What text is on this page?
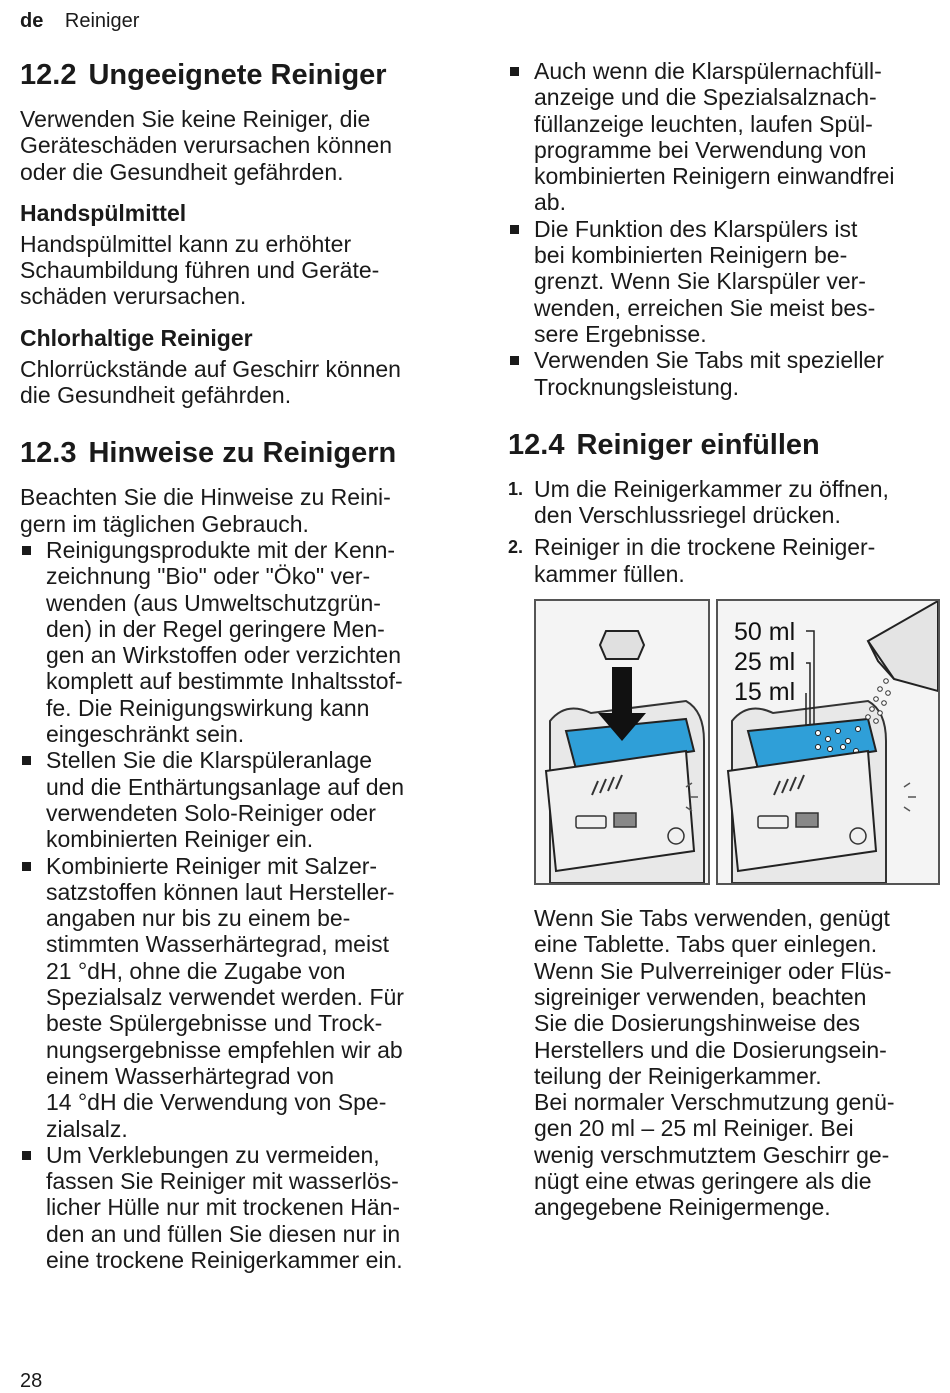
de Reiniger
12.2 Ungeeignete Reiniger

Verwenden Sie keine Reiniger, die
Geräteschäden verursachen können
oder die Gesundheit gefährden.

Handspülmittel

Handspülmittel kann zu erhöhter
Schaumbildung führen und Geräte-
schäden verursachen.

Chlorhaltige Reiniger

Chlorrückstände auf Geschirr können
die Gesundheit gefährden.

12.3 Hinweise zu Reinigern

Beachten Sie die Hinweise zu Reini-
gern im täglichen Gebrauch.

Reinigungsprodukte mit der Kenn-
zeichnung "Bio" oder "Öko" ver-
wenden (aus Umweltschutzgrün-
den) in der Regel geringere Men-
gen an Wirkstoffen oder verzichten
komplett auf bestimmte Inhaltsstof-
fe. Die Reinigungswirkung kann
eingeschränkt sein.
Stellen Sie die Klarspüleranlage
und die Enthärtungsanlage auf den
verwendeten Solo-Reiniger oder
kombinierten Reiniger ein.
Kombinierte Reiniger mit Salzer-
satzstoffen können laut Hersteller-
angaben nur bis zu einem be-
stimmten Wasserhärtegrad, meist
21 °dH, ohne die Zugabe von
Spezialsalz verwendet werden. Für
beste Spülergebnisse und Trock-
nungsergebnisse empfehlen wir ab
einem Wasserhärtegrad von
14 °dH die Verwendung von Spe-
zialsalz.
Um Verklebungen zu vermeiden,
fassen Sie Reiniger mit wasserlös-
licher Hülle nur mit trockenen Hän-
den an und füllen Sie diesen nur in
eine trockene Reinigerkammer ein.
Auch wenn die Klarspülernachfüll-
anzeige und die Spezialsalznach-
füllanzeige leuchten, laufen Spül-
programme bei Verwendung von
kombinierten Reinigern einwandfrei
ab.
Die Funktion des Klarspülers ist
bei kombinierten Reinigern be-
grenzt. Wenn Sie Klarspüler ver-
wenden, erreichen Sie meist bes-
sere Ergebnisse.
Verwenden Sie Tabs mit spezieller
Trocknungsleistung.
12.4 Reiniger einfüllen
1. Um die Reinigerkammer zu öffnen,
den Verschlussriegel drücken.
2. Reiniger in die trockene Reiniger-
kammer füllen.
50 ml
25 ml
15 ml

Wenn Sie Tabs verwenden, genügt
eine Tablette. Tabs quer einlegen.
Wenn Sie Pulverreiniger oder Flüs-
sigreiniger verwenden, beachten
Sie die Dosierungshinweise des
Herstellers und die Dosierungsein-
teilung der Reinigerkammer.
Bei normaler Verschmutzung genü-
gen 20 ml – 25 ml Reiniger. Bei
wenig verschmutztem Geschirr ge-
nügt eine etwas geringere als die
angegebene Reinigermenge.

28
